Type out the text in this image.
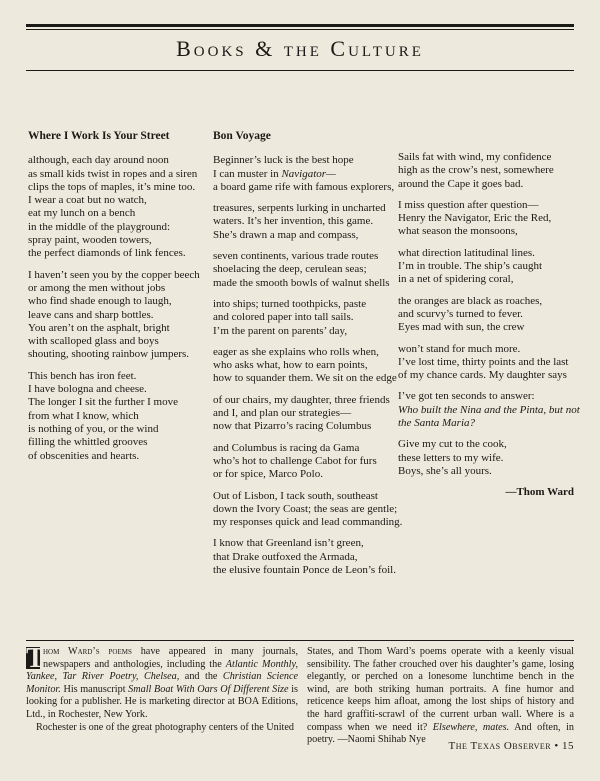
Books & the Culture
Where I Work Is Your Street
although, each day around noon
as small kids twist in ropes and a siren
clips the tops of maples, it’s mine too.
I wear a coat but no watch,
eat my lunch on a bench
in the middle of the playground:
spray paint, wooden towers,
the perfect diamonds of link fences.
I haven’t seen you by the copper beech
or among the men without jobs
who find shade enough to laugh,
leave cans and sharp bottles.
You aren’t on the asphalt, bright
with scalloped glass and boys
shouting, shooting rainbow jumpers.
This bench has iron feet.
I have bologna and cheese.
The longer I sit the further I move
from what I know, which
is nothing of you, or the wind
filling the whittled grooves
of obscenities and hearts.
Bon Voyage
Beginner’s luck is the best hope
I can muster in Navigator—
a board game rife with famous explorers,
treasures, serpents lurking in uncharted
waters. It’s her invention, this game.
She’s drawn a map and compass,
seven continents, various trade routes
shoelacing the deep, cerulean seas;
made the smooth bowls of walnut shells
into ships; turned toothpicks, paste
and colored paper into tall sails.
I’m the parent on parents’ day,
eager as she explains who rolls when,
who asks what, how to earn points,
how to squander them. We sit on the edge
of our chairs, my daughter, three friends
and I, and plan our strategies—
now that Pizarro’s racing Columbus
and Columbus is racing da Gama
who’s hot to challenge Cabot for furs
or for spice, Marco Polo.
Out of Lisbon, I tack south, southeast
down the Ivory Coast; the seas are gentle;
my responses quick and lead commanding.
I know that Greenland isn’t green,
that Drake outfoxed the Armada,
the elusive fountain Ponce de Leon’s foil.
Sails fat with wind, my confidence
high as the crow’s nest, somewhere
around the Cape it goes bad.
I miss question after question—
Henry the Navigator, Eric the Red,
what season the monsoons,
what direction latitudinal lines.
I’m in trouble. The ship’s caught
in a net of spidering coral,
the oranges are black as roaches,
and scurvy’s turned to fever.
Eyes mad with sun, the crew
won’t stand for much more.
I’ve lost time, thirty points and the last
of my chance cards. My daughter says
I’ve got ten seconds to answer:
Who built the Nina and the Pinta, but not
the Santa Maria?
Give my cut to the cook,
these letters to my wife.
Boys, she’s all yours.
—Thom Ward
T
hom Ward’s poems have appeared in many journals, newspapers and anthologies, including the Atlantic Monthly, Yankee, Tar River Poetry, Chelsea, and the Christian Science Monitor. His manuscript Small Boat With Oars Of Different Size is looking for a publisher. He is marketing director at BOA Editions, Ltd., in Rochester, New York.
Rochester is one of the great photography centers of the United
States, and Thom Ward’s poems operate with a keenly visual sensibility. The father crouched over his daughter’s game, losing elegantly, or perched on a lonesome lunchtime bench in the wind, are both striking human portraits. A fine humor and reticence keeps him afloat, among the lost ships of history and the hard graffiti-scrawl of the current urban wall. Where is a compass when we need it? Elsewhere, mates. And often, in poetry. —Naomi Shihab Nye
The Texas Observer • 15
